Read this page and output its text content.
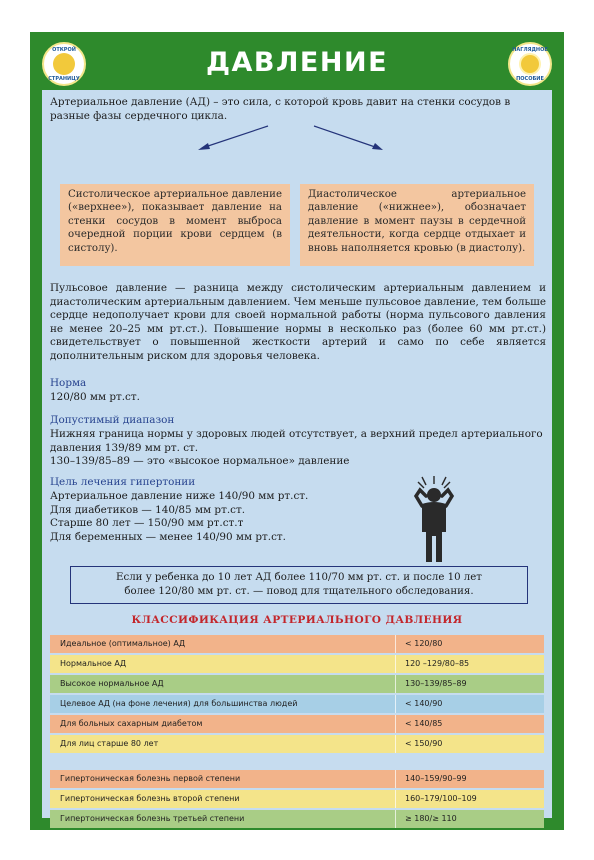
ОТКРОЙ
СТРАНИЦУ
ДАВЛЕНИЕ	НАГЛЯДНОЕ
ПОСОБИЕ
Артериальное давление (АД) – это сила, с которой кровь давит на стенки сосудов в разные фазы сердечного цикла.
Систолическое артериальное давление («верхнее»), показывает давление на стенки сосудов в момент выброса очередной порции крови сердцем (в систолу).
Диастолическое артериальное давление («нижнее»), обозначает давление в момент паузы в сердечной деятельности, когда сердце отдыхает и вновь наполняется кровью (в диастолу).
Пульсовое давление — разница между систолическим артериальным давлением и диастолическим артериальным давлением. Чем меньше пульсовое давление, тем больше сердце недополучает крови для своей нормальной работы (норма пульсового давления не менее 20–25 мм рт.ст.). Повышение нормы в несколько раз (более 60 мм рт.ст.) свидетельствует о повышенной жесткости артерий и само по себе является дополнительным риском для здоровья человека.
Норма
120/80 мм рт.ст.
Допустимый диапазон
Нижняя граница нормы у здоровых людей отсутствует, а верхний предел артериального давления 139/89 мм рт. ст.
130–139/85–89 — это «высокое нормальное» давление
Цель лечения гипертонии
Артериальное давление ниже 140/90 мм рт.ст.
Для диабетиков — 140/85 мм рт.ст.
Старше 80 лет — 150/90 мм рт.ст.т
Для беременных — менее 140/90 мм рт.ст.
Если у ребенка до 10 лет АД более 110/70 мм рт. ст. и после 10 лет
более 120/80 мм рт. ст. — повод для тщательного обследования.
КЛАССИФИКАЦИЯ АРТЕРИАЛЬНОГО ДАВЛЕНИЯ
Идеальное (оптимальное) АД	< 120/80
Нормальное АД	120 –129/80–85
Высокое нормальное АД	130–139/85–89
Целевое АД (на фоне лечения) для большинства людей	< 140/90
Для больных сахарным диабетом	< 140/85
Для лиц старше 80 лет	< 150/90
Гипертоническая болезнь первой степени	140–159/90–99
Гипертоническая болезнь второй степени	160–179/100–109
Гипертоническая болезнь третьей степени	≥ 180/≥ 110
